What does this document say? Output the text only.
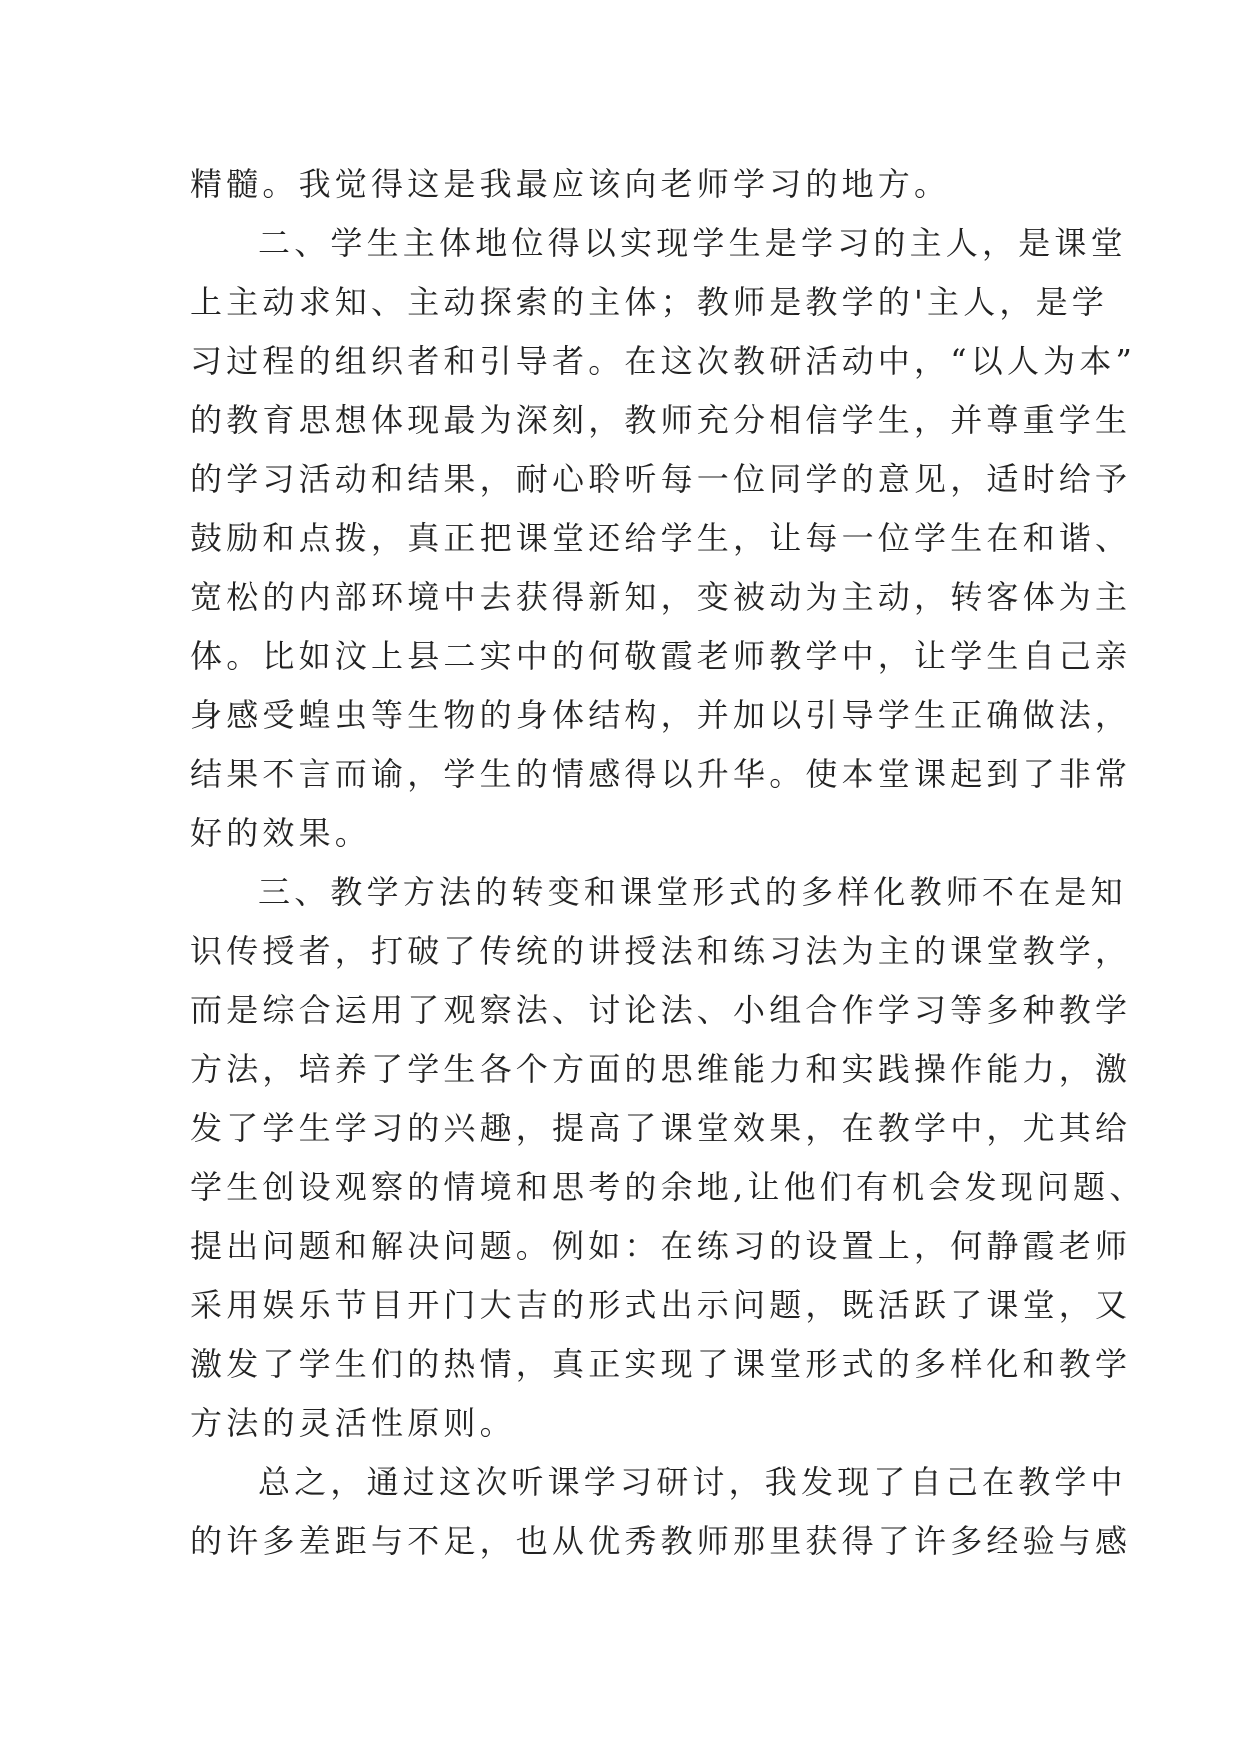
精髓。我觉得这是我最应该向老师学习的地方。
二、学生主体地位得以实现学生是学习的主人，是课堂
上主动求知、主动探索的主体；教师是教学的'主人，是学
习过程的组织者和引导者。在这次教研活动中，“以人为本”
的教育思想体现最为深刻，教师充分相信学生，并尊重学生
的学习活动和结果，耐心聆听每一位同学的意见，适时给予
鼓励和点拨，真正把课堂还给学生，让每一位学生在和谐、
宽松的内部环境中去获得新知，变被动为主动，转客体为主
体。比如汶上县二实中的何敬霞老师教学中，让学生自己亲
身感受蝗虫等生物的身体结构，并加以引导学生正确做法，
结果不言而谕，学生的情感得以升华。使本堂课起到了非常
好的效果。
三、教学方法的转变和课堂形式的多样化教师不在是知
识传授者，打破了传统的讲授法和练习法为主的课堂教学，
而是综合运用了观察法、讨论法、小组合作学习等多种教学
方法，培养了学生各个方面的思维能力和实践操作能力，激
发了学生学习的兴趣，提高了课堂效果，在教学中，尤其给
学生创设观察的情境和思考的余地,让他们有机会发现问题、
提出问题和解决问题。例如：在练习的设置上，何静霞老师
采用娱乐节目开门大吉的形式出示问题，既活跃了课堂，又
激发了学生们的热情，真正实现了课堂形式的多样化和教学
方法的灵活性原则。
总之，通过这次听课学习研讨，我发现了自己在教学中
的许多差距与不足，也从优秀教师那里获得了许多经验与感
